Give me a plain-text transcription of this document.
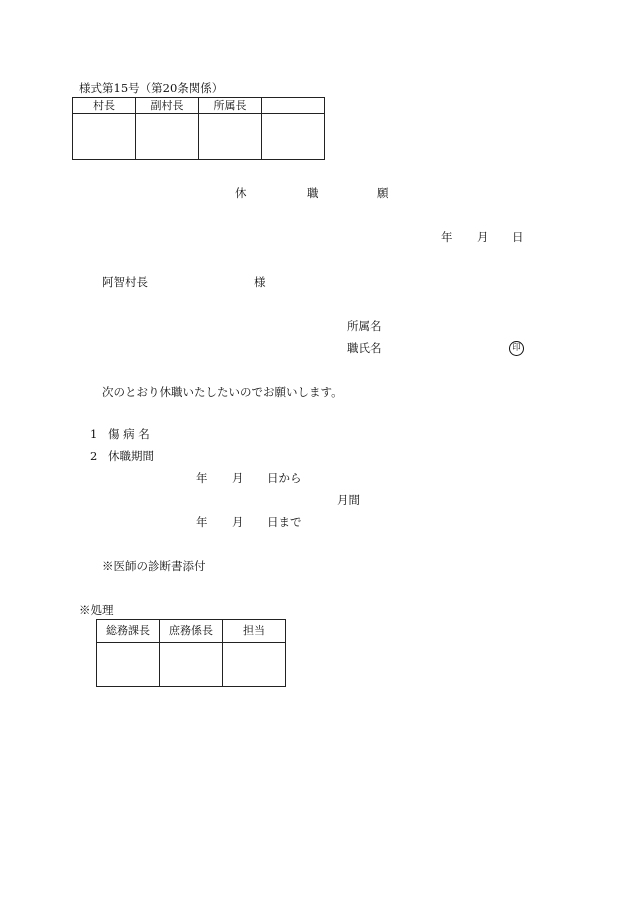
様式第15号（第20条関係）
村長	副村長	所属長	

休	職	願
年 月 日
阿智村長	様
所属名
職氏名	印
次のとおり休職いたしたいのでお願いします。
1 傷 病 名
2 休職期間
年 月 日から
月間
年 月 日まで
※医師の診断書添付
※処理
総務課長	庶務係長	担当
